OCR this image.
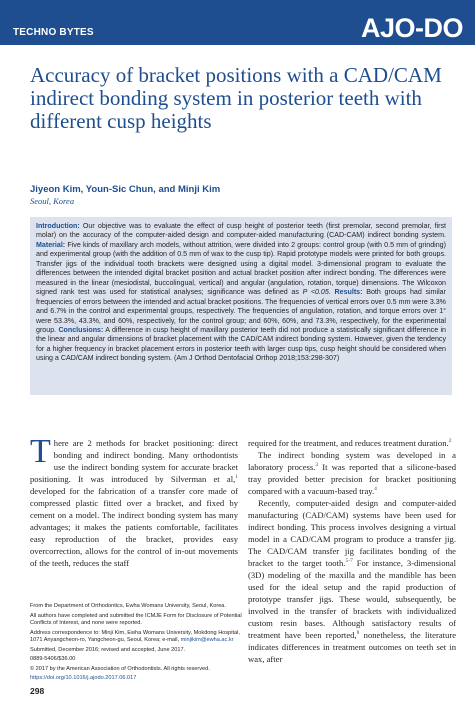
TECHNO BYTES	AJO-DO
Accuracy of bracket positions with a CAD/CAM indirect bonding system in posterior teeth with different cusp heights
Jiyeon Kim, Youn-Sic Chun, and Minji Kim
Seoul, Korea
Introduction: Our objective was to evaluate the effect of cusp height of posterior teeth (first premolar, second premolar, first molar) on the accuracy of the computer-aided design and computer-aided manufacturing (CAD-CAM) indirect bonding system. Material: Five kinds of maxillary arch models, without attrition, were divided into 2 groups: control group (with 0.5 mm of grinding) and experimental group (with the addition of 0.5 mm of wax to the cusp tip). Rapid prototype models were printed for both groups. Transfer jigs of the individual tooth brackets were designed using a digital model. 3-dimensional program to evaluate the differences between the intended digital bracket position and actual bracket position after indirect bonding. The differences were measured in the linear (mesiodistal, buccolingual, vertical) and angular (angulation, rotation, torque) dimensions. The Wilcoxon signed rank test was used for statistical analyses; significance was defined as P <0.05. Results: Both groups had similar frequencies of errors between the intended and actual bracket positions. The frequencies of vertical errors over 0.5 mm were 3.3% and 6.7% in the control and experimental groups, respectively. The frequencies of angulation, rotation, and torque errors over 1° were 53.3%, 43.3%, and 60%, respectively, for the control group; and 60%, 60%, and 73.3%, respectively, for the experimental group. Conclusions: A difference in cusp height of maxillary posterior teeth did not produce a statistically significant difference in the linear and angular dimensions of bracket placement with the CAD/CAM indirect bonding system. However, given the tendency for a higher frequency in bracket placement errors in posterior teeth with larger cusp tips, cusp height should be considered when using a CAD/CAM indirect bonding system. (Am J Orthod Dentofacial Orthop 2018;153:298-307)

There are 2 methods for bracket positioning: direct bonding and indirect bonding. Many orthodontists use the indirect bonding system for accurate bracket positioning. It was introduced by Silverman et al,$^1$ developed for the fabrication of a transfer core made of compressed plastic fitted over a bracket, and fixed by cement on a model. The indirect bonding system has many advantages; it makes the patients comfortable, facilitates easy reproduction of the bracket, provides easy overcorrection, allows for the control of in-out movements of the teeth, reduces the staff

required for the treatment, and reduces treatment duration.$^2$

The indirect bonding system was developed in a laboratory process.$^3$ It was reported that a silicone-based tray provided better precision for bracket positioning compared with a vacuum-based tray.$^4$

Recently, computer-aided design and computer-aided manufacturing (CAD/CAM) systems have been used for indirect bonding. This process involves designing a virtual model in a CAD/CAM program to produce a transfer jig. The CAD/CAM transfer jig facilitates bonding of the bracket to the target tooth.$^{5-7}$ For instance, 3-dimensional (3D) modeling of the maxilla and the mandible has been used for the ideal setup and the rapid production of prototype transfer jigs. These would, subsequently, be involved in the transfer of brackets with individualized custom resin bases. Although satisfactory results of treatment have been reported,$^8$ nonetheless, the literature indicates differences in treatment outcomes on teeth set in wax, after

From the Department of Orthodontics, Ewha Womans University, Seoul, Korea.

All authors have completed and submitted the ICMJE Form for Disclosure of Potential Conflicts of Interest, and none were reported.

Address correspondence to: Minji Kim, Ewha Womans University, Mokdong Hospital, 1071 Anyangcheon-ro, Yangcheon-gu, Seoul, Korea; e-mail, minjikim@ewha.ac.kr

Submitted, December 2016; revised and accepted, June 2017.

0889-5406/$36.00

© 2017 by the American Association of Orthodontists. All rights reserved.

https://doi.org/10.1016/j.ajodo.2017.06.017

298
